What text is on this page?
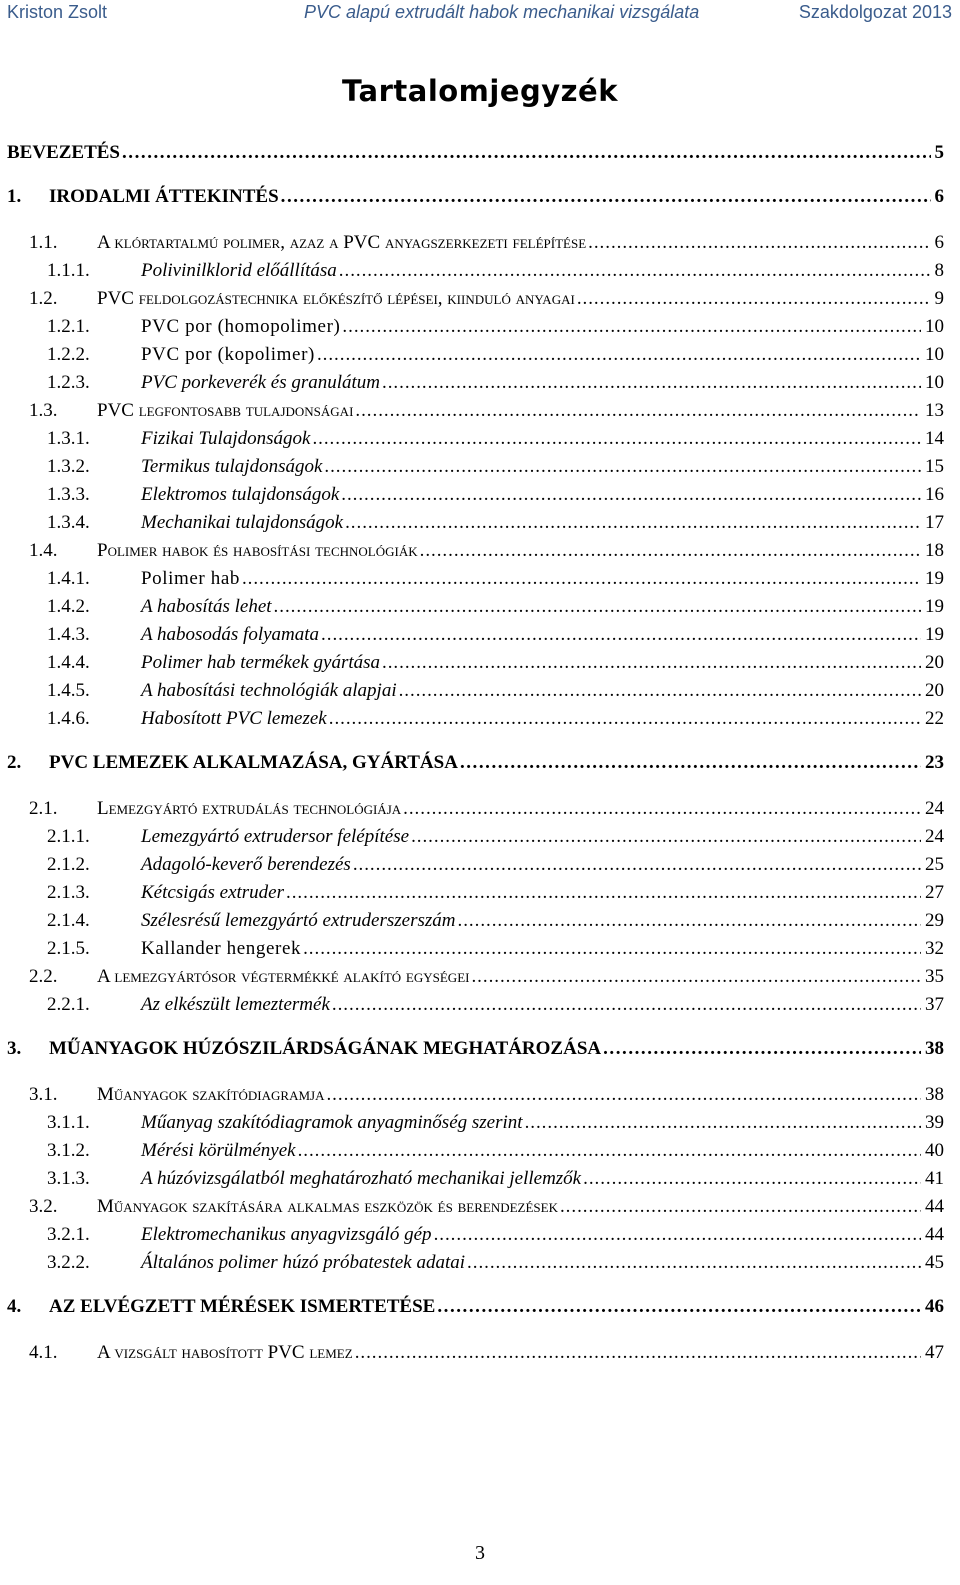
Kriston Zsolt	PVC alapú extrudált habok mechanikai vizsgálata	Szakdolgozat 2013
Tartalomjegyzék
BEVEZETÉS . . .	5
1.	IRODALMI ÁTTEKINTÉS . . .	6
1.1.	A klórtartalmú polimer, azaz a PVC anyagszerkezeti felépítése . . .	6
1.1.1.	Polivinilklorid előállítása . . .	8
1.2.	PVC feldolgozástechnika előkészítő lépései, kiinduló anyagai . . .	9
1.2.1.	PVC por (homopolimer) . . .	10
1.2.2.	PVC por (kopolimer) . . .	10
1.2.3.	PVC porkeverék és granulátum . . .	10
1.3.	PVC legfontosabb tulajdonságai . . .	13
1.3.1.	Fizikai Tulajdonságok . . .	14
1.3.2.	Termikus tulajdonságok . . .	15
1.3.3.	Elektromos tulajdonságok . . .	16
1.3.4.	Mechanikai tulajdonságok . . .	17
1.4.	Polimer habok és habosítási technológiák . . .	18
1.4.1.	Polimer hab . . .	19
1.4.2.	A habosítás lehet . . .	19
1.4.3.	A habosodás folyamata . . .	19
1.4.4.	Polimer hab termékek gyártása . . .	20
1.4.5.	A habosítási technológiák alapjai . . .	20
1.4.6.	Habosított PVC lemezek . . .	22
2.	PVC LEMEZEK ALKALMAZÁSA, GYÁRTÁSA . . .	23
2.1.	Lemezgyártó extrudálás technológiája . . .	24
2.1.1.	Lemezgyártó extrudersor felépítése . . .	24
2.1.2.	Adagoló-keverő berendezés . . .	25
2.1.3.	Kétcsigás extruder . . .	27
2.1.4.	Szélesrésű lemezgyártó extruderszerszám . . .	29
2.1.5.	Kallander hengerek . . .	32
2.2.	A lemezgyártósor végtermékké alakító egységei . . .	35
2.2.1.	Az elkészült lemeztermék . . .	37
3.	MŰANYAGOK HÚZÓSZILÁRDSÁGÁNAK MEGHATÁROZÁSA . . .	38
3.1.	Műanyagok szakítódiagramja . . .	38
3.1.1.	Műanyag szakítódiagramok anyagminőség szerint . . .	39
3.1.2.	Mérési körülmények . . .	40
3.1.3.	A húzóvizsgálatból meghatározható mechanikai jellemzők . . .	41
3.2.	Műanyagok szakítására alkalmas eszközök és berendezések . . .	44
3.2.1.	Elektromechanikus anyagvizsgáló gép . . .	44
3.2.2.	Általános polimer húzó próbatestek adatai . . .	45
4.	AZ ELVÉGZETT MÉRÉSEK ISMERTETÉSE . . .	46
4.1.	A vizsgált habosított PVC lemez . . .	47
3
